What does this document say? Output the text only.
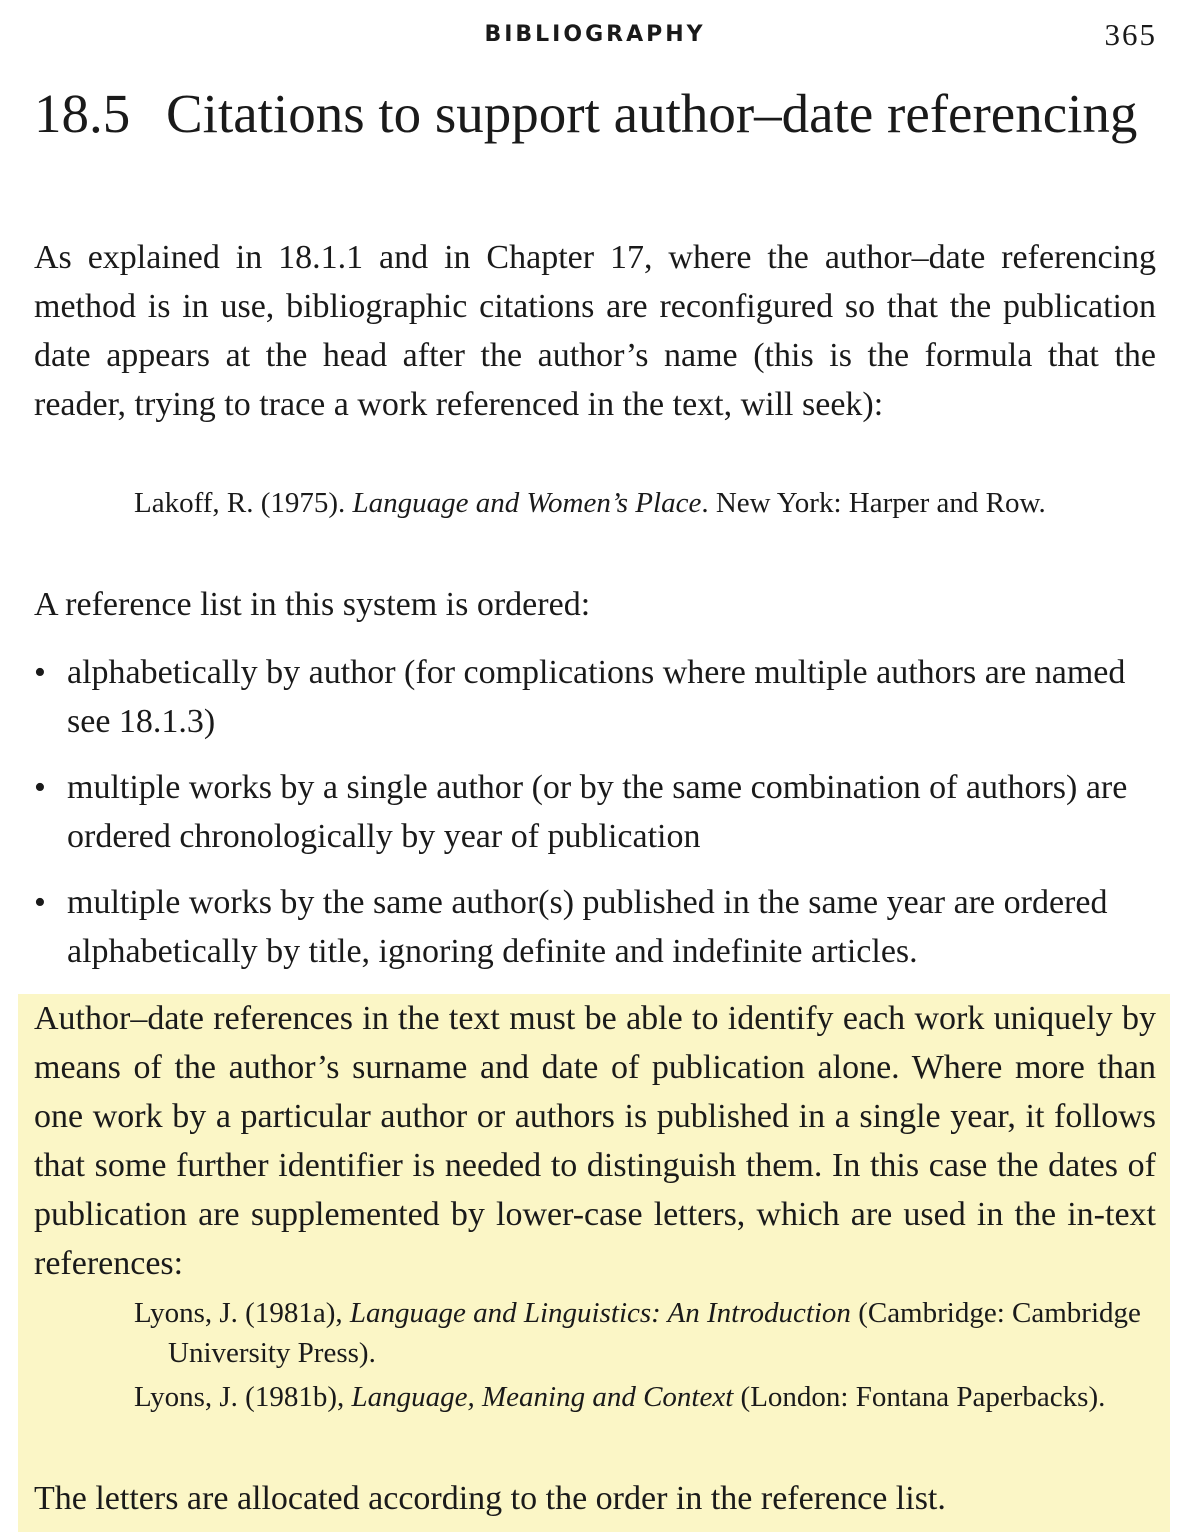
BIBLIOGRAPHY	365
18.5 Citations to support author–date referencing

As explained in 18.1.1 and in Chapter 17, where the author–date referencing method is in use, bibliographic citations are reconfigured so that the publication date appears at the head after the author’s name (this is the formula that the reader, trying to trace a work referenced in the text, will seek):

Lakoff, R. (1975). Language and Women’s Place. New York: Harper and Row.

A reference list in this system is ordered:

• alphabetically by author (for complications where multiple authors are named see 18.1.3)
• multiple works by a single author (or by the same combination of authors) are ordered chronologically by year of publication
• multiple works by the same author(s) published in the same year are ordered alphabetically by title, ignoring definite and indefinite articles.

Author–date references in the text must be able to identify each work uniquely by means of the author’s surname and date of publication alone. Where more than one work by a particular author or authors is published in a single year, it follows that some further identifier is needed to distinguish them. In this case the dates of publication are supplemented by lower-case letters, which are used in the in-text references:

Lyons, J. (1981a), Language and Linguistics: An Introduction (Cambridge: Cambridge University Press).

Lyons, J. (1981b), Language, Meaning and Context (London: Fontana Paperbacks).

The letters are allocated according to the order in the reference list.
